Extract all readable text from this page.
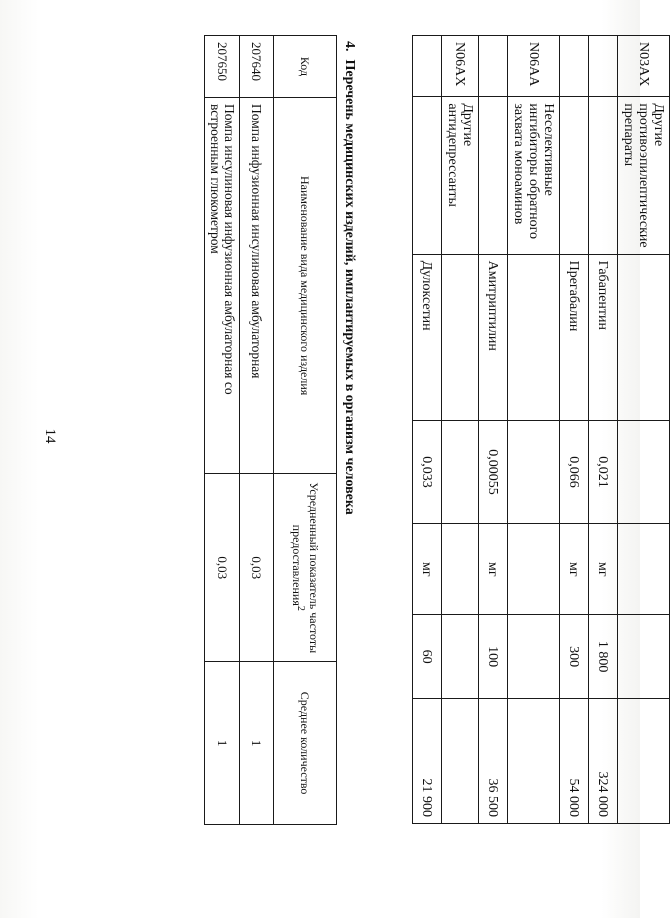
14
N03AX	Другие противоэпилептические препараты					
		Габапентин	0,021	мг	1 800	324 000
		Прегабалин	0,066	мг	300	54 000
N06AA	Неселективные ингибиторы обратного захвата моноаминов					
		Амитриптилин	0,00055	мг	100	36 500
N06AX	Другие антидепрессанты					
		Дулоксетин	0,033	мг	60	21 900
4.Перечень медицинских изделий, имплантируемых в организм человека
Код	Наименование вида медицинского изделия	Усредненный показатель частоты предоставления$^2$	Среднее количество
207640	Помпа инфузионная инсулиновая амбулаторная	0,03	1
207650	Помпа инсулиновая инфузионная амбулаторная со встроенным глюкометром	0,03	1
